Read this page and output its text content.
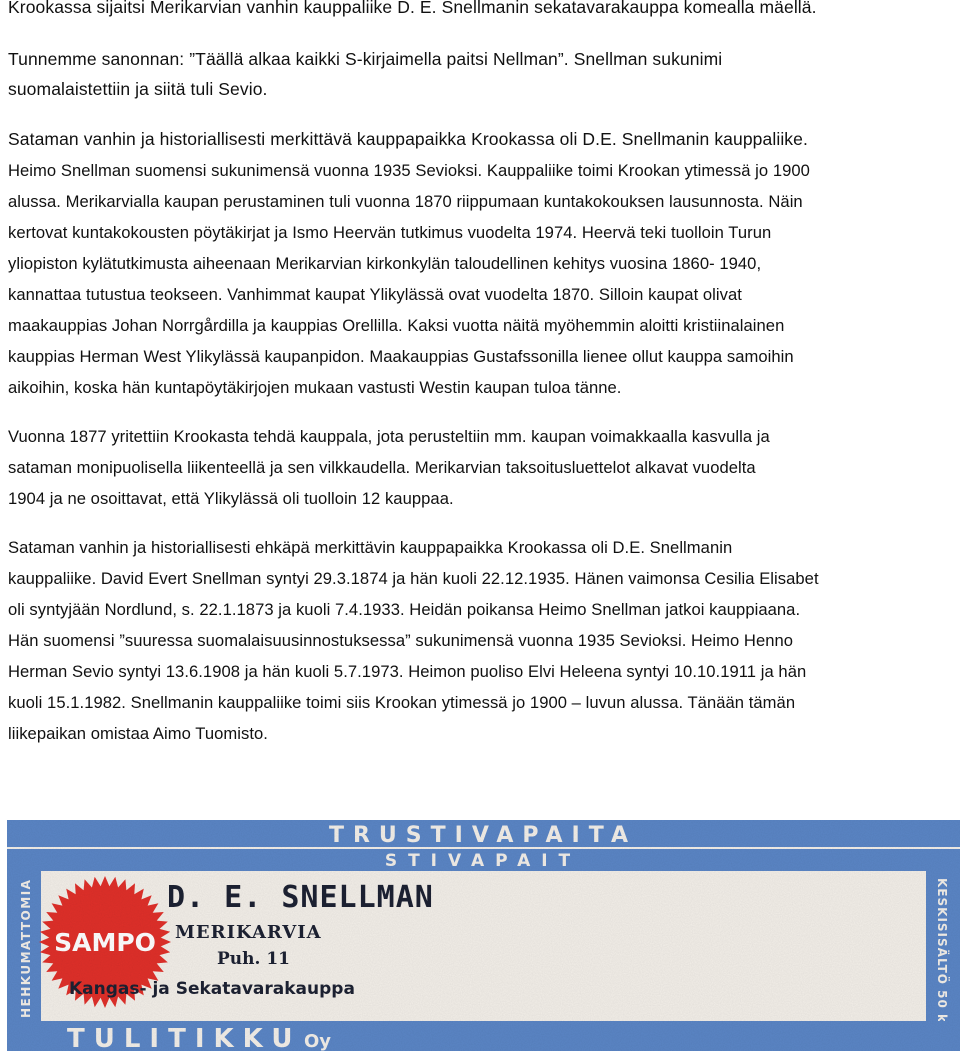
Krookassa sijaitsi Merikarvian vanhin kauppaliike D. E. Snellmanin sekatavarakauppa komealla mäellä.
Tunnemme sanonnan: ”Täällä alkaa kaikki S-kirjaimella paitsi Nellman”. Snellman sukunimi
suomalaistettiin ja siitä tuli Sevio.
Sataman vanhin ja historiallisesti merkittävä kauppapaikka Krookassa oli D.E. Snellmanin kauppaliike.
Heimo Snellman suomensi sukunimensä vuonna 1935 Sevioksi. Kauppaliike toimi Krookan ytimessä jo 1900
alussa. Merikarvialla kaupan perustaminen tuli vuonna 1870 riippumaan kuntakokouksen lausunnosta. Näin
kertovat kuntakokousten pöytäkirjat ja Ismo Heervän tutkimus vuodelta 1974. Heervä teki tuolloin Turun
yliopiston kylätutkimusta aiheenaan Merikarvian kirkonkylän taloudellinen kehitys vuosina 1860- 1940,
kannattaa tutustua teokseen. Vanhimmat kaupat Ylikylässä ovat vuodelta 1870. Silloin kaupat olivat
maakauppias Johan Norrgårdilla ja kauppias Orellilla. Kaksi vuotta näitä myöhemmin aloitti kristiinalainen
kauppias Herman West Ylikylässä kaupanpidon. Maakauppias Gustafssonilla lienee ollut kauppa samoihin
aikoihin, koska hän kuntapöytäkirjojen mukaan vastusti Westin kaupan tuloa tänne.
Vuonna 1877 yritettiin Krookasta tehdä kauppala, jota perusteltiin mm. kaupan voimakkaalla kasvulla ja
sataman monipuolisella liikenteellä ja sen vilkkaudella. Merikarvian taksoitusluettelot alkavat vuodelta
1904 ja ne osoittavat, että Ylikylässä oli tuolloin 12 kauppaa.
Sataman vanhin ja historiallisesti ehkäpä merkittävin kauppapaikka Krookassa oli D.E. Snellmanin
kauppaliike. David Evert Snellman syntyi 29.3.1874 ja hän kuoli 22.12.1935. Hänen vaimonsa Cesilia Elisabet
oli syntyjään Nordlund, s. 22.1.1873 ja kuoli 7.4.1933. Heidän poikansa Heimo Snellman jatkoi kauppiaana.
Hän suomensi ”suuressa suomalaisuusinnostuksessa” sukunimensä vuonna 1935 Sevioksi. Heimo Henno
Herman Sevio syntyi 13.6.1908 ja hän kuoli 5.7.1973. Heimon puoliso Elvi Heleena syntyi 10.10.1911 ja hän
kuoli 15.1.1982. Snellmanin kauppaliike toimi siis Krookan ytimessä jo 1900 – luvun alussa. Tänään tämän
liikepaikan omistaa Aimo Tuomisto.
